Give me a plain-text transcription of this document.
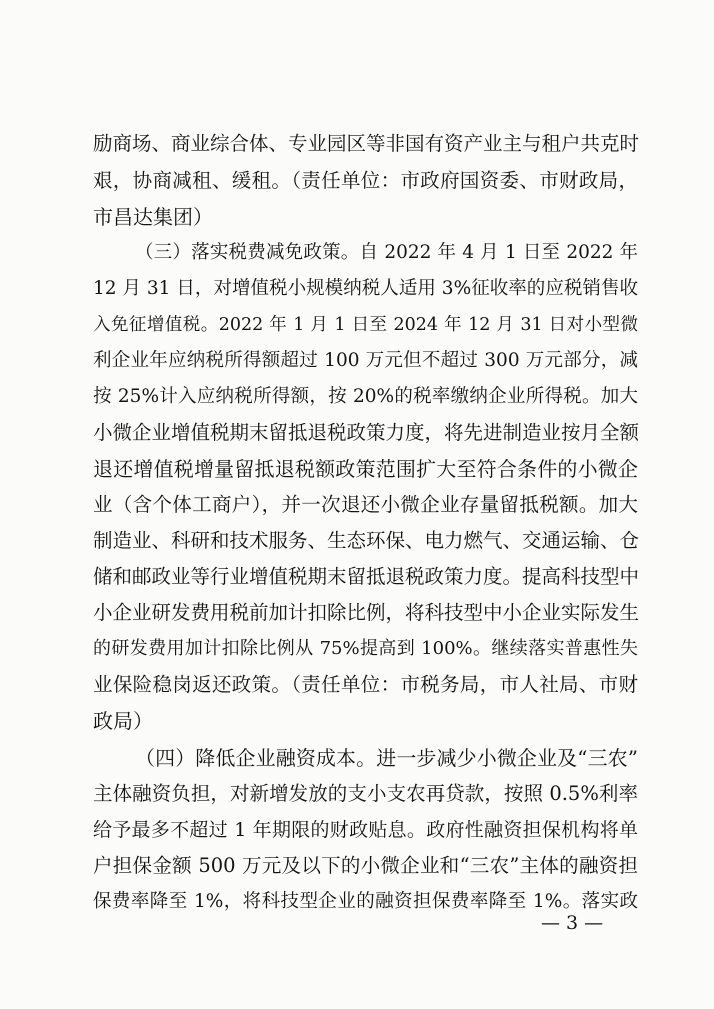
励商场、商业综合体、专业园区等非国有资产业主与租户共克时
艰，协商减租、缓租。（责任单位：市政府国资委、市财政局，
市昌达集团）
（三）落实税费减免政策。自 2022 年 4 月 1 日至 2022 年
12 月 31 日，对增值税小规模纳税人适用 3%征收率的应税销售收
入免征增值税。2022 年 1 月 1 日至 2024 年 12 月 31 日对小型微
利企业年应纳税所得额超过 100 万元但不超过 300 万元部分，减
按 25%计入应纳税所得额，按 20%的税率缴纳企业所得税。加大
小微企业增值税期末留抵退税政策力度，将先进制造业按月全额
退还增值税增量留抵退税额政策范围扩大至符合条件的小微企
业（含个体工商户），并一次退还小微企业存量留抵税额。加大
制造业、科研和技术服务、生态环保、电力燃气、交通运输、仓
储和邮政业等行业增值税期末留抵退税政策力度。提高科技型中
小企业研发费用税前加计扣除比例，将科技型中小企业实际发生
的研发费用加计扣除比例从 75%提高到 100%。继续落实普惠性失
业保险稳岗返还政策。（责任单位：市税务局，市人社局、市财
政局）
（四）降低企业融资成本。进一步减少小微企业及“三农”
主体融资负担，对新增发放的支小支农再贷款，按照 0.5%利率
给予最多不超过 1 年期限的财政贴息。政府性融资担保机构将单
户担保金额 500 万元及以下的小微企业和“三农”主体的融资担
保费率降至 1%，将科技型企业的融资担保费率降至 1%。落实政
— 3 —
